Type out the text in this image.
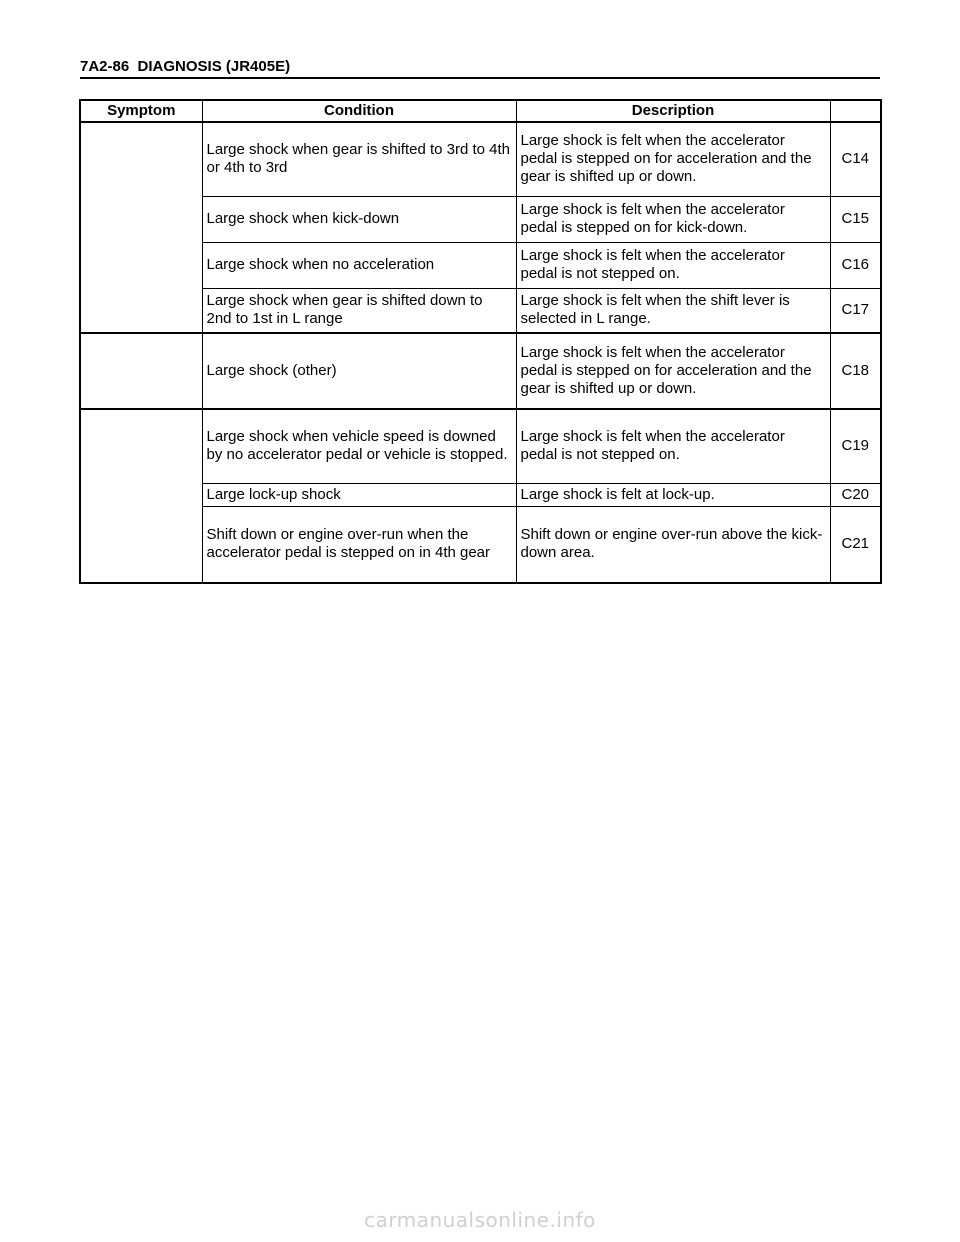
7A2-86  DIAGNOSIS (JR405E)
Symptom	Condition	Description	
	Large shock when gear is shifted to 3rd to 4th or 4th to 3rd	Large shock is felt when the accelerator pedal is stepped on for acceleration and the gear is shifted up or down.	C14
	Large shock when kick-down	Large shock is felt when the accelerator pedal is stepped on for kick-down.	C15
	Large shock when no acceleration	Large shock is felt when the accelerator pedal is not stepped on.	C16
	Large shock when gear is shifted down to 2nd to 1st in L range	Large shock is felt when the shift lever is selected in L range.	C17
	Large shock (other)	Large shock is felt when the accelerator pedal is stepped on for acceleration and the gear is shifted up or down.	C18
	Large shock when vehicle speed is downed by no accelerator pedal or vehicle is stopped.	Large shock is felt when the accelerator pedal is not stepped on.	C19
	Large lock-up shock	Large shock is felt at lock-up.	C20
	Shift down or engine over-run when the accelerator pedal is stepped on in 4th gear	Shift down or engine over-run above the kick-down area.	C21
carmanualsonline.info
